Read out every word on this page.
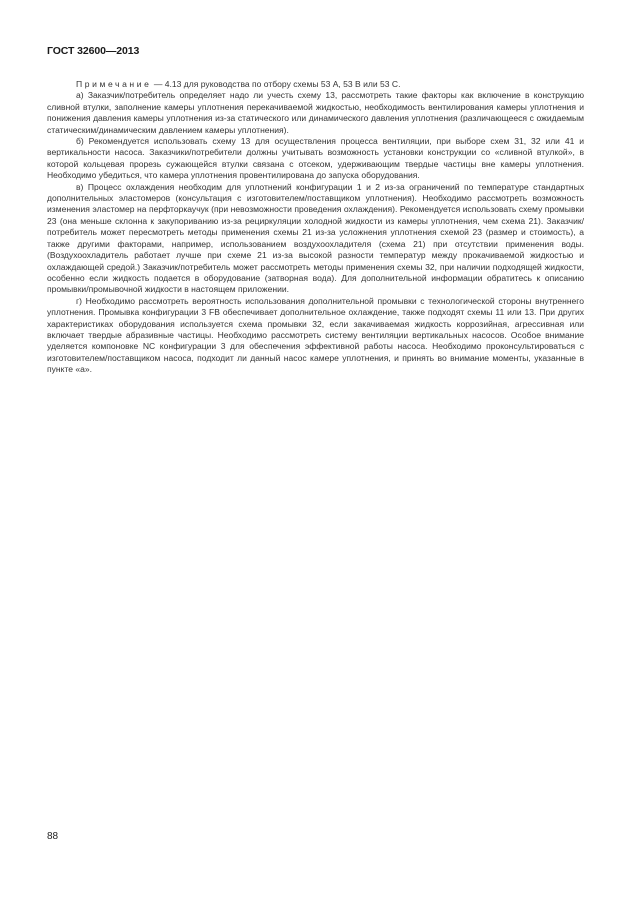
ГОСТ 32600—2013

Примечание — 4.13 для руководства по отбору схемы 53 А, 53 В или 53 С.

а) Заказчик/потребитель определяет надо ли учесть схему 13, рассмотреть такие факторы как включение в конструкцию сливной втулки, заполнение камеры уплотнения перекачиваемой жидкостью, необходимость вентилирования камеры уплотнения и понижения давления камеры уплотнения из-за статического или динамического давления уплотнения (различающееся с ожидаемым статическим/динамическим давлением камеры уплотнения).

б) Рекомендуется использовать схему 13 для осуществления процесса вентиляции, при выборе схем 31, 32 или 41 и вертикальности насоса. Заказчики/потребители должны учитывать возможность установки конструкции со «сливной втулкой», в которой кольцевая прорезь сужающейся втулки связана с отсеком, удерживающим твердые частицы вне камеры уплотнения. Необходимо убедиться, что камера уплотнения провентилирована до запуска оборудования.

в) Процесс охлаждения необходим для уплотнений конфигурации 1 и 2 из-за ограничений по температуре стандартных дополнительных эластомеров (консультация с изготовителем/поставщиком уплотнения). Необходимо рассмотреть возможность изменения эластомер на перфторкаучук (при невозможности проведения охлаждения). Рекомендуется использовать схему промывки 23 (она меньше склонна к закупориванию из-за рециркуляции холодной жидкости из камеры уплотнения, чем схема 21). Заказчик/потребитель может пересмотреть методы применения схемы 21 из-за усложнения уплотнения схемой 23 (размер и стоимость), а также другими факторами, например, использованием воздухоохладителя (схема 21) при отсутствии применения воды. (Воздухоохладитель работает лучше при схеме 21 из-за высокой разности температур между прокачиваемой жидкостью и охлаждающей средой.) Заказчик/потребитель может рассмотреть методы применения схемы 32, при наличии подходящей жидкости, особенно если жидкость подается в оборудование (затворная вода). Для дополнительной информации обратитесь к описанию промывки/промывочной жидкости в настоящем приложении.

г) Необходимо рассмотреть вероятность использования дополнительной промывки с технологической стороны внутреннего уплотнения. Промывка конфигурации 3 FB обеспечивает дополнительное охлаждение, также подходят схемы 11 или 13. При других характеристиках оборудования используется схема промывки 32, если закачиваемая жидкость коррозийная, агрессивная или включает твердые абразивные частицы. Необходимо рассмотреть систему вентиляции вертикальных насосов. Особое внимание уделяется компоновке NC конфигурации 3 для обеспечения эффективной работы насоса. Необходимо проконсультироваться с изготовителем/поставщиком насоса, подходит ли данный насос камере уплотнения, и принять во внимание моменты, указанные в пункте «а».

88
